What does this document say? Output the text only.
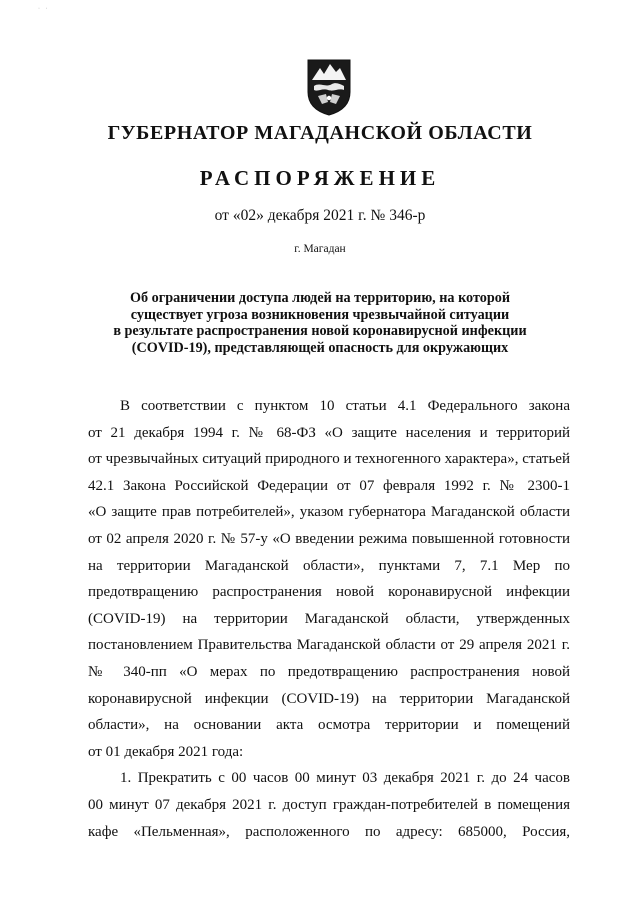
· ·
ГУБЕРНАТОР МАГАДАНСКОЙ ОБЛАСТИ
РАСПОРЯЖЕНИЕ
от «02» декабря 2021 г. № 346-р
г. Магадан
Об ограничении доступа людей на территорию, на которой
существует угроза возникновения чрезвычайной ситуации
в результате распространения новой коронавирусной инфекции
(COVID-19), представляющей опасность для окружающих
В соответствии с пунктом 10 статьи 4.1 Федерального закона
от 21 декабря 1994 г. № 68-ФЗ «О защите населения и территорий
от чрезвычайных ситуаций природного и техногенного характера», статьей
42.1 Закона Российской Федерации от 07 февраля 1992 г. № 2300-1
«О защите прав потребителей», указом губернатора Магаданской области
от 02 апреля 2020 г. № 57-у «О введении режима повышенной готовности
на территории Магаданской области», пунктами 7, 7.1 Мер по
предотвращению распространения новой коронавирусной инфекции
(COVID-19) на территории Магаданской области, утвержденных
постановлением Правительства Магаданской области от 29 апреля 2021 г.
№ 340-пп «О мерах по предотвращению распространения новой
коронавирусной инфекции (COVID-19) на территории Магаданской
области», на основании акта осмотра территории и помещений
от 01 декабря 2021 года:
1. Прекратить с 00 часов 00 минут 03 декабря 2021 г. до 24 часов
00 минут 07 декабря 2021 г. доступ граждан-потребителей в помещения
кафе «Пельменная», расположенного по адресу: 685000, Россия,
